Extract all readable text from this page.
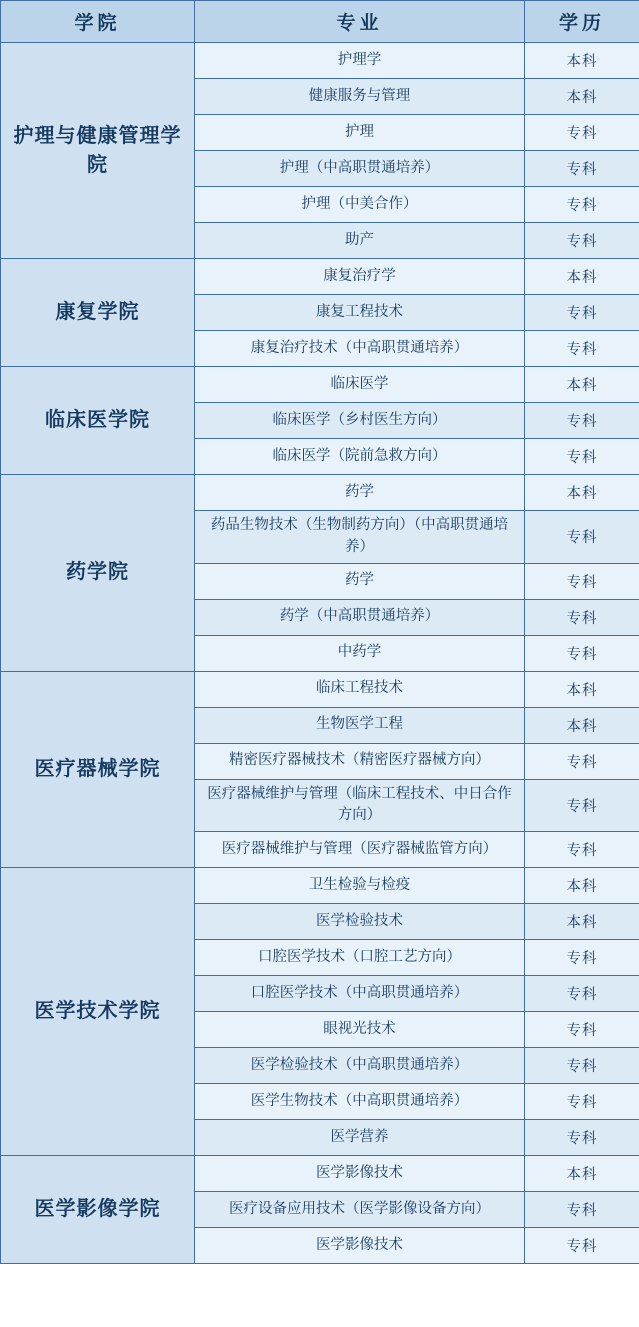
学院	专业	学历
护理与健康管理学院	护理学	本科
	健康服务与管理	本科
	护理	专科
	护理（中高职贯通培养）	专科
	护理（中美合作）	专科
	助产	专科
康复学院	康复治疗学	本科
	康复工程技术	专科
	康复治疗技术（中高职贯通培养）	专科
临床医学院	临床医学	本科
	临床医学（乡村医生方向）	专科
	临床医学（院前急救方向）	专科
药学院	药学	本科
	药品生物技术（生物制药方向）（中高职贯通培养）	专科
	药学	专科
	药学（中高职贯通培养）	专科
	中药学	专科
医疗器械学院	临床工程技术	本科
	生物医学工程	本科
	精密医疗器械技术（精密医疗器械方向）	专科
	医疗器械维护与管理（临床工程技术、中日合作方向）	专科
	医疗器械维护与管理（医疗器械监管方向）	专科
医学技术学院	卫生检验与检疫	本科
	医学检验技术	本科
	口腔医学技术（口腔工艺方向）	专科
	口腔医学技术（中高职贯通培养）	专科
	眼视光技术	专科
	医学检验技术（中高职贯通培养）	专科
	医学生物技术（中高职贯通培养）	专科
	医学营养	专科
医学影像学院	医学影像技术	本科
	医疗设备应用技术（医学影像设备方向）	专科
	医学影像技术	专科
